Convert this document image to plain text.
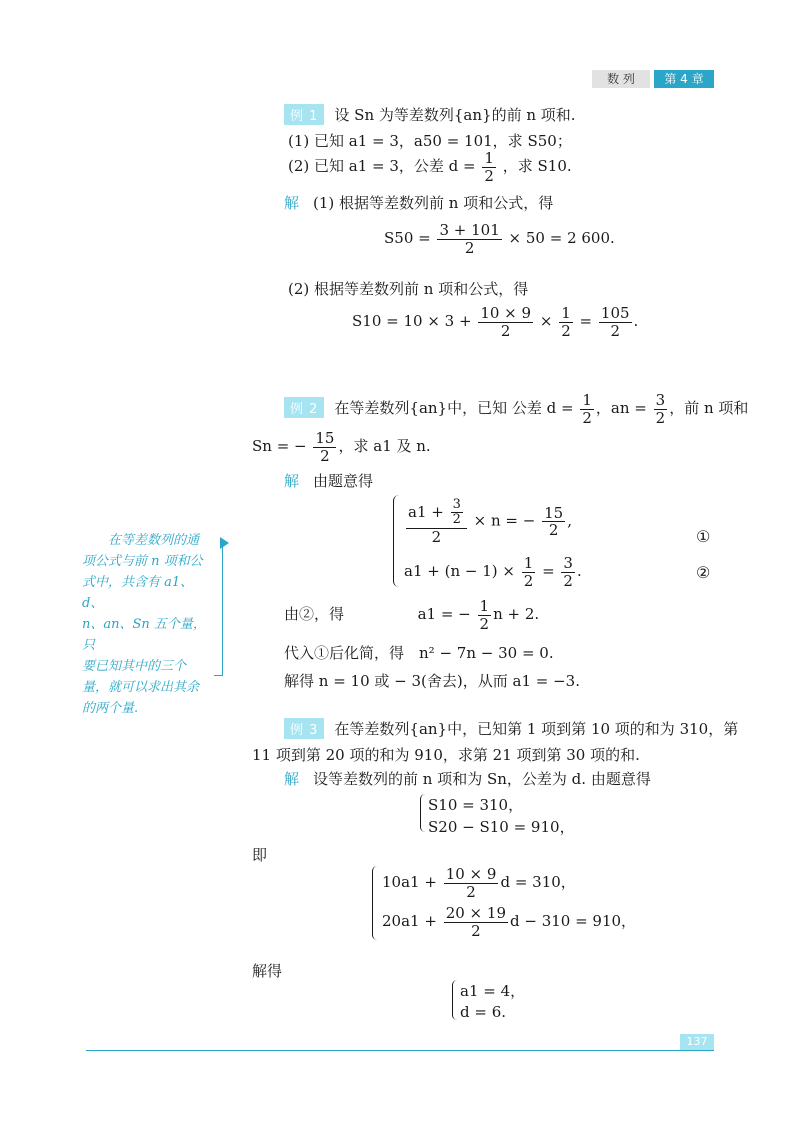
数 列	第 4 章
例 1 设 Sn 为等差数列{an}的前 n 项和.
(1) 已知 a1 = 3，a50 = 101，求 S50；
(2) 已知 a1 = 3，公差 $d = \frac{1}{2}$ ，求 S10.
解 (1) 根据等差数列前 n 项和公式，得
$S50 = \frac{3 + 101}{2} \times 50 = 2$ 600.
(2) 根据等差数列前 n 项和公式，得
$S10 = 10 \times 3 + \frac{10 \times 9}{2} \times \frac{1}{2} = \frac{105}{2}$ .
例 2 在等差数列{an}中，已知 公差 $d = \frac{1}{2}$ ，an = $\frac{3}{2}$ ，前 n 项和
Sn = − $\frac{15}{2}$ ，求 a1 及 n.
解 由题意得
$\frac{a1 + \frac{3}{2}}{2} \times n$ = − $\frac{15}{2}$ ,
①
$a1 + (n - 1) \times \frac{1}{2} = \frac{3}{2}$ .	②
由②，得	a1 = − $\frac{1}{2}$ n + 2.
代入①后化简，得　n² − 7n − 30 = 0.
解得 n = 10 或 − 3(舍去)，从而 a1 = −3.
在等差数列的通
项公式与前 n 项和公
式中，共含有 a1、d、
n、an、Sn 五个量，只
要已知其中的三个
量，就可以求出其余
的两个量.
例 3 在等差数列{an}中，已知第 1 项到第 10 项的和为 310，第
11 项到第 20 项的和为 910，求第 21 项到第 30 项的和.
解 设等差数列的前 n 项和为 Sn，公差为 d. 由题意得
S10 = 310，
S20 − S10 = 910，
即
$10a1 + \frac{10 \times 9}{2}$ d = 310，
$20a1 + \frac{20 \times 19}{2}$ d − 310 = 910，
解得
a1 = 4，
d = 6.
137
